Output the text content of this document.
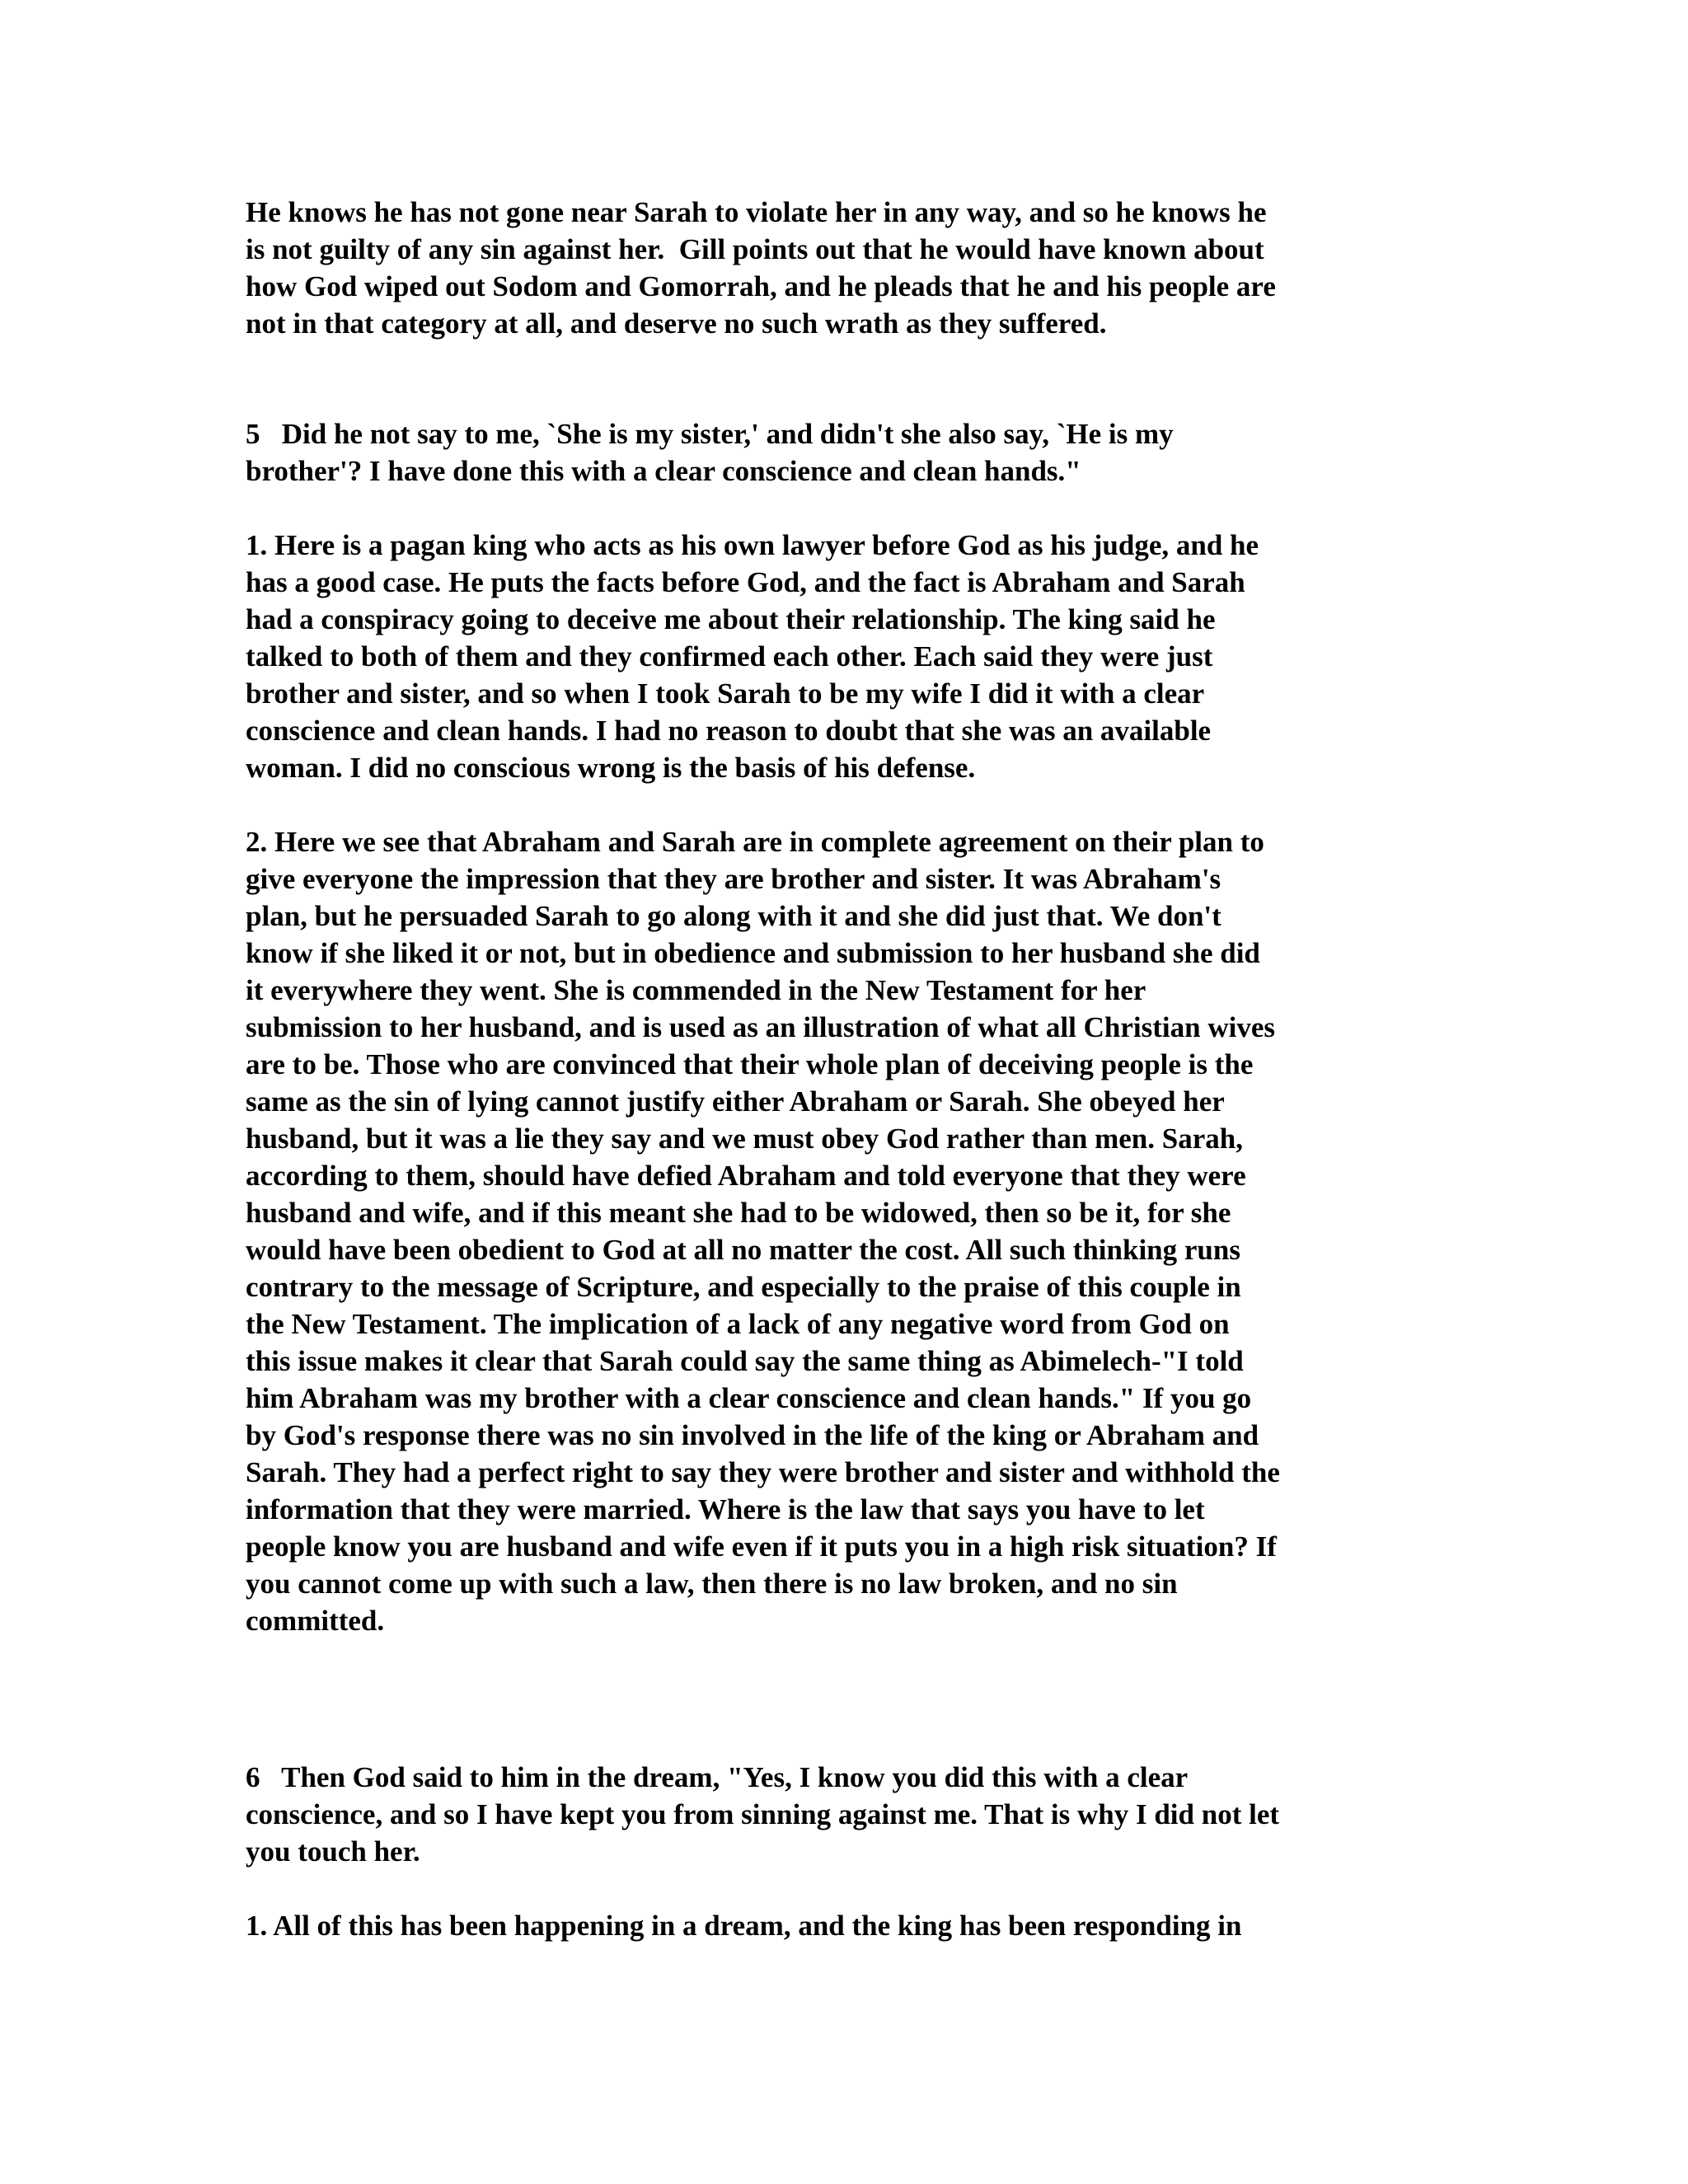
He knows he has not gone near Sarah to violate her in any way, and so he knows he
is not guilty of any sin against her.  Gill points out that he would have known about
how God wiped out Sodom and Gomorrah, and he pleads that he and his people are
not in that category at all, and deserve no such wrath as they suffered.
5   Did he not say to me, `She is my sister,' and didn't she also say, `He is my
brother'? I have done this with a clear conscience and clean hands."
1. Here is a pagan king who acts as his own lawyer before God as his judge, and he
has a good case. He puts the facts before God, and the fact is Abraham and Sarah
had a conspiracy going to deceive me about their relationship. The king said he
talked to both of them and they confirmed each other. Each said they were just
brother and sister, and so when I took Sarah to be my wife I did it with a clear
conscience and clean hands. I had no reason to doubt that she was an available
woman. I did no conscious wrong is the basis of his defense.
2. Here we see that Abraham and Sarah are in complete agreement on their plan to
give everyone the impression that they are brother and sister. It was Abraham's
plan, but he persuaded Sarah to go along with it and she did just that. We don't
know if she liked it or not, but in obedience and submission to her husband she did
it everywhere they went. She is commended in the New Testament for her
submission to her husband, and is used as an illustration of what all Christian wives
are to be. Those who are convinced that their whole plan of deceiving people is the
same as the sin of lying cannot justify either Abraham or Sarah. She obeyed her
husband, but it was a lie they say and we must obey God rather than men. Sarah,
according to them, should have defied Abraham and told everyone that they were
husband and wife, and if this meant she had to be widowed, then so be it, for she
would have been obedient to God at all no matter the cost. All such thinking runs
contrary to the message of Scripture, and especially to the praise of this couple in
the New Testament. The implication of a lack of any negative word from God on
this issue makes it clear that Sarah could say the same thing as Abimelech-"I told
him Abraham was my brother with a clear conscience and clean hands." If you go
by God's response there was no sin involved in the life of the king or Abraham and
Sarah. They had a perfect right to say they were brother and sister and withhold the
information that they were married. Where is the law that says you have to let
people know you are husband and wife even if it puts you in a high risk situation? If
you cannot come up with such a law, then there is no law broken, and no sin
committed.
6   Then God said to him in the dream, "Yes, I know you did this with a clear
conscience, and so I have kept you from sinning against me. That is why I did not let
you touch her.
1. All of this has been happening in a dream, and the king has been responding in
